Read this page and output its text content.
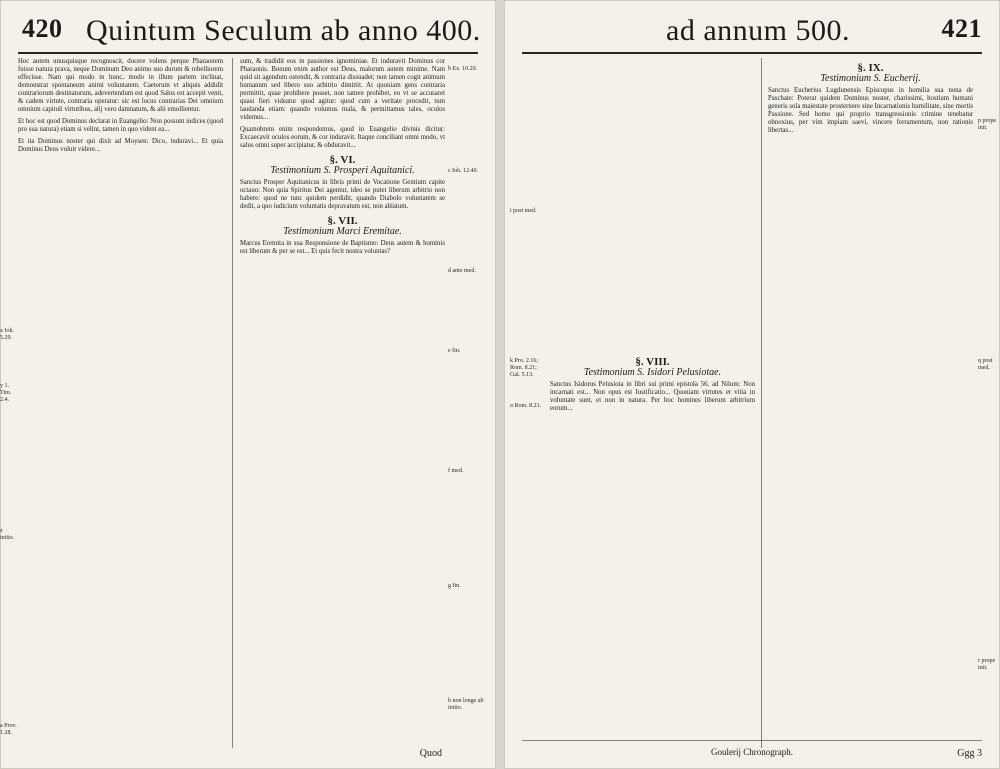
420 Quintum Seculum ab anno 400.

Hoc autem unusquisque recognoscit, docere volens perque Pharaonem fuisse natura prava, neque Dominum Deo animo suo durum & rebelliorem effecisse. Nam qui modo in hunc, modo in illum partem inclinat, demonstrat spontaneum animi voluntatem. Caeterum vt aliquis addidit contrariorum destinatorum, adevertendum est quod Salus est accepit venit, & cadem virtute, contraria operatur: sic est locus contrarias Dei omnium omnium capituli virtutibus, alij vero damnatum, & alii emollientur.

Et hoc est quod Dominus declarat in Euangelio: Non possunt iudices (quod pro sua natura) etiam si velint, tamen in quo vident ea...

Et ita Dominus noster qui dixit ad Moysen: Dico, induravi... Et quia Dominus Deus voluit videre...

sum, & tradidit eos in passiones ignominiae. Et induravit Dominus cor Pharaonis. Bonum enim author est Deus, malorum autem minime. Nam quid sit agendum ostendit, & contraria dissuadet; non tamen cogit animum humanum sed libero suo arbitrio dimittit. At quoniam gens contraria permittit, quae prohibere posset, non tamen prohibet, eo vt se accusaret quasi fieri videatur quod agitur: quod cum a veritate procedit, tum laudanda etiam: quando volumus mala, & permittamus tales, oculos videmus...

Quamobrem enim respondemus, quod in Euangelio divinis dicitur: Excaecavit oculos eorum, & cor induravit. Itaque conciliant omni modo, vt salus omni super accipiatur, & obduravit...

§. VI.
Testimonium S. Prosperi Aquitanici.

Sanctus Prosper Aquitanicus in libris primi de Vocatione Gentium capite octauo: Non quia Spiritus Dei agentur, ideo se putet liberum arbitrio non habere: quod ne tunc quidem perdidit, quando Diabolo voluntatem se dedit, a quo iudicium voluntatis depravatum est, non ablatum.

§. VII.
Testimonium Marci Eremitae.

Marcus Eremita in sua Responsione de Baptismo: Deus autem & hominis est liberum & per se est... Et quis fecit nostra voluntas?

b Ex. 10.20.
c Ioh. 12.40.
d ante med.
e fin.
f med.
g fin.
h non longe ab initio.
x Ioh. 5.29.
y 1. Tim. 2.4.
z initio.
a Prov. 1.28.
Quod
ad annum 500.	421
i post med.
k Pro. 2.16; Rom. 8.21; Gal. 5.13.
o Rom. 8.21.
§. VIII.
Testimonium S. Isidori Pelusiotae.

Sanctus Isidorus Pelusiota in libri sui primi epistola 56. ad Nilum: Non incarnati est... Non opus est Iustificatio... Quoniam virtutes et vitia in voluntate sunt, et non in natura. Per hoc homines liberum arbitrium eorum...

§. IX.
Testimonium S. Eucherij.

Sanctus Eucherius Lugdunensis Episcopus in homilia sua nona de Paschate: Poterat quidem Dominus noster, charissimi, hostium humani generis sola maiestate prosternere sine Incarnationis humilitate, sine mortis Passione. Sed homo qui proprio transgressionis crimine tenebatur obnoxius, per vim impiam saevi, vincere ferramentum, non rationis libertas...

p prope init.
q post med.
r prope init.
Goulerij Chronograph.	Ggg 3
